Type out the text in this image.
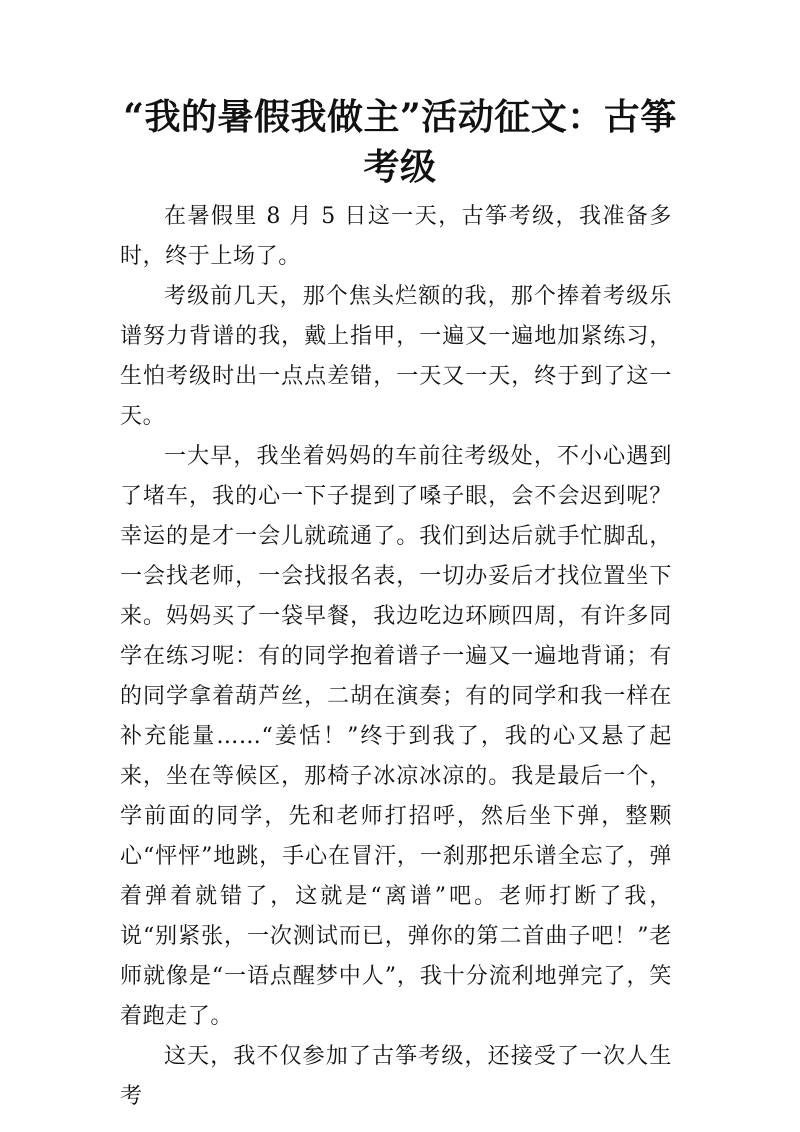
“我的暑假我做主”活动征文：古筝考级

在暑假里 8 月 5 日这一天，古筝考级，我准备多时，终于上场了。

考级前几天，那个焦头烂额的我，那个捧着考级乐谱努力背谱的我，戴上指甲，一遍又一遍地加紧练习，生怕考级时出一点点差错，一天又一天，终于到了这一天。

一大早，我坐着妈妈的车前往考级处，不小心遇到了堵车，我的心一下子提到了嗓子眼，会不会迟到呢？幸运的是才一会儿就疏通了。我们到达后就手忙脚乱，一会找老师，一会找报名表，一切办妥后才找位置坐下来。妈妈买了一袋早餐，我边吃边环顾四周，有许多同学在练习呢：有的同学抱着谱子一遍又一遍地背诵；有的同学拿着葫芦丝，二胡在演奏；有的同学和我一样在补充能量……“姜恬！”终于到我了，我的心又悬了起来，坐在等候区，那椅子冰凉冰凉的。我是最后一个，学前面的同学，先和老师打招呼，然后坐下弹，整颗心“怦怦”地跳，手心在冒汗，一刹那把乐谱全忘了，弹着弹着就错了，这就是“离谱”吧。老师打断了我，说“别紧张，一次测试而已，弹你的第二首曲子吧！”老师就像是“一语点醒梦中人”，我十分流利地弹完了，笑着跑走了。

这天，我不仅参加了古筝考级，还接受了一次人生考
